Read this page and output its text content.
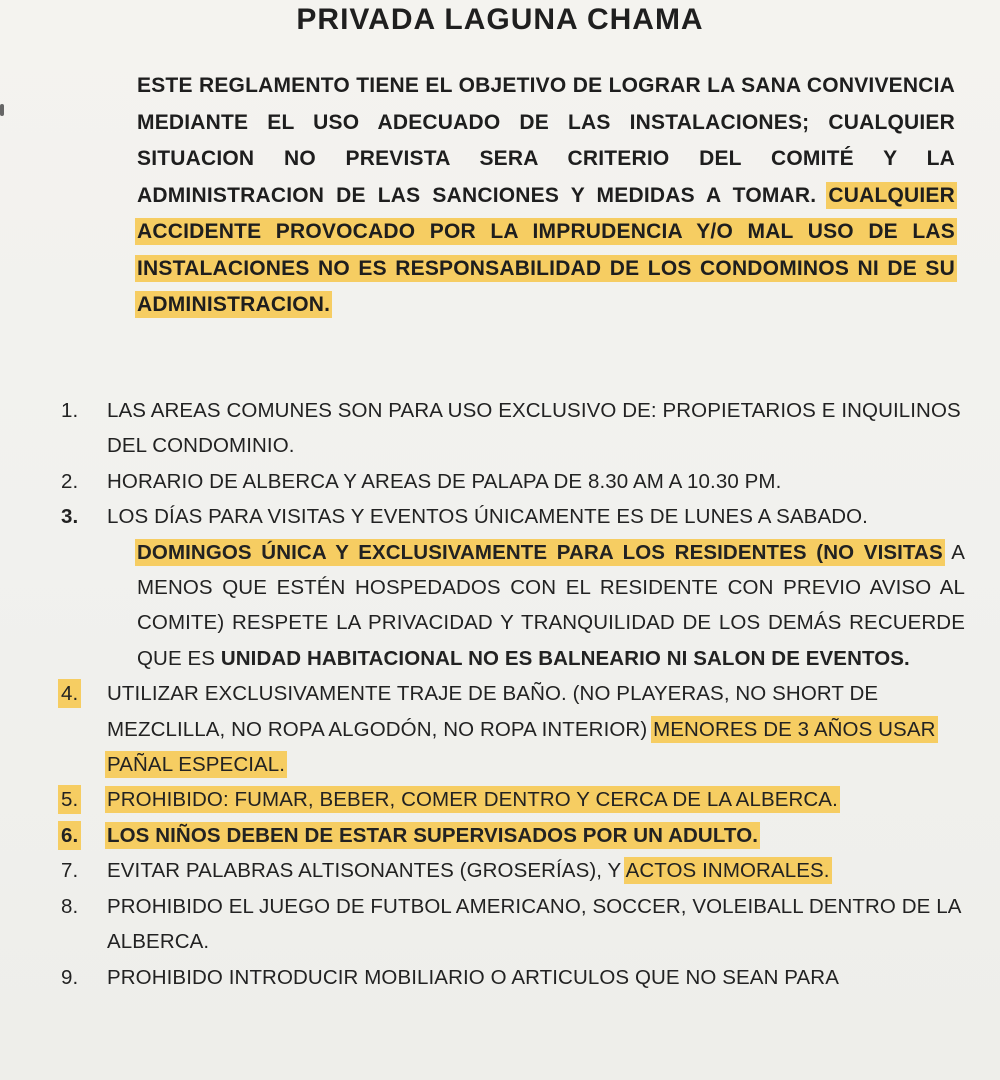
PRIVADA LAGUNA CHAMA
ESTE REGLAMENTO TIENE EL OBJETIVO DE LOGRAR LA SANA CONVIVENCIA MEDIANTE EL USO ADECUADO DE LAS INSTALACIONES; CUALQUIER SITUACION NO PREVISTA SERA CRITERIO DEL COMITÉ Y LA ADMINISTRACION DE LAS SANCIONES Y MEDIDAS A TOMAR. CUALQUIER ACCIDENTE PROVOCADO POR LA IMPRUDENCIA Y/O MAL USO DE LAS INSTALACIONES NO ES RESPONSABILIDAD DE LOS CONDOMINOS NI DE SU ADMINISTRACION.
1.	LAS AREAS COMUNES SON PARA USO EXCLUSIVO DE: PROPIETARIOS E INQUILINOS DEL CONDOMINIO.
2.	HORARIO DE ALBERCA Y AREAS DE PALAPA DE 8.30 AM A 10.30 PM.
3.	LOS DÍAS PARA VISITAS Y EVENTOS ÚNICAMENTE ES DE LUNES A SABADO.
DOMINGOS ÚNICA Y EXCLUSIVAMENTE PARA LOS RESIDENTES (NO VISITAS A MENOS QUE ESTÉN HOSPEDADOS CON EL RESIDENTE CON PREVIO AVISO AL COMITE) RESPETE LA PRIVACIDAD Y TRANQUILIDAD DE LOS DEMÁS RECUERDE QUE ES UNIDAD HABITACIONAL NO ES BALNEARIO NI SALON DE EVENTOS.
4.	UTILIZAR EXCLUSIVAMENTE TRAJE DE BAÑO. (NO PLAYERAS, NO SHORT DE MEZCLILLA, NO ROPA ALGODÓN, NO ROPA INTERIOR) MENORES DE 3 AÑOS USAR PAÑAL ESPECIAL.
5.	PROHIBIDO: FUMAR, BEBER, COMER DENTRO Y CERCA DE LA ALBERCA.
6.	LOS NIÑOS DEBEN DE ESTAR SUPERVISADOS POR UN ADULTO.
7.	EVITAR PALABRAS ALTISONANTES (GROSERÍAS), Y ACTOS INMORALES.
8.	PROHIBIDO EL JUEGO DE FUTBOL AMERICANO, SOCCER, VOLEIBALL DENTRO DE LA ALBERCA.
9.	PROHIBIDO INTRODUCIR MOBILIARIO O ARTICULOS QUE NO SEAN PARA
